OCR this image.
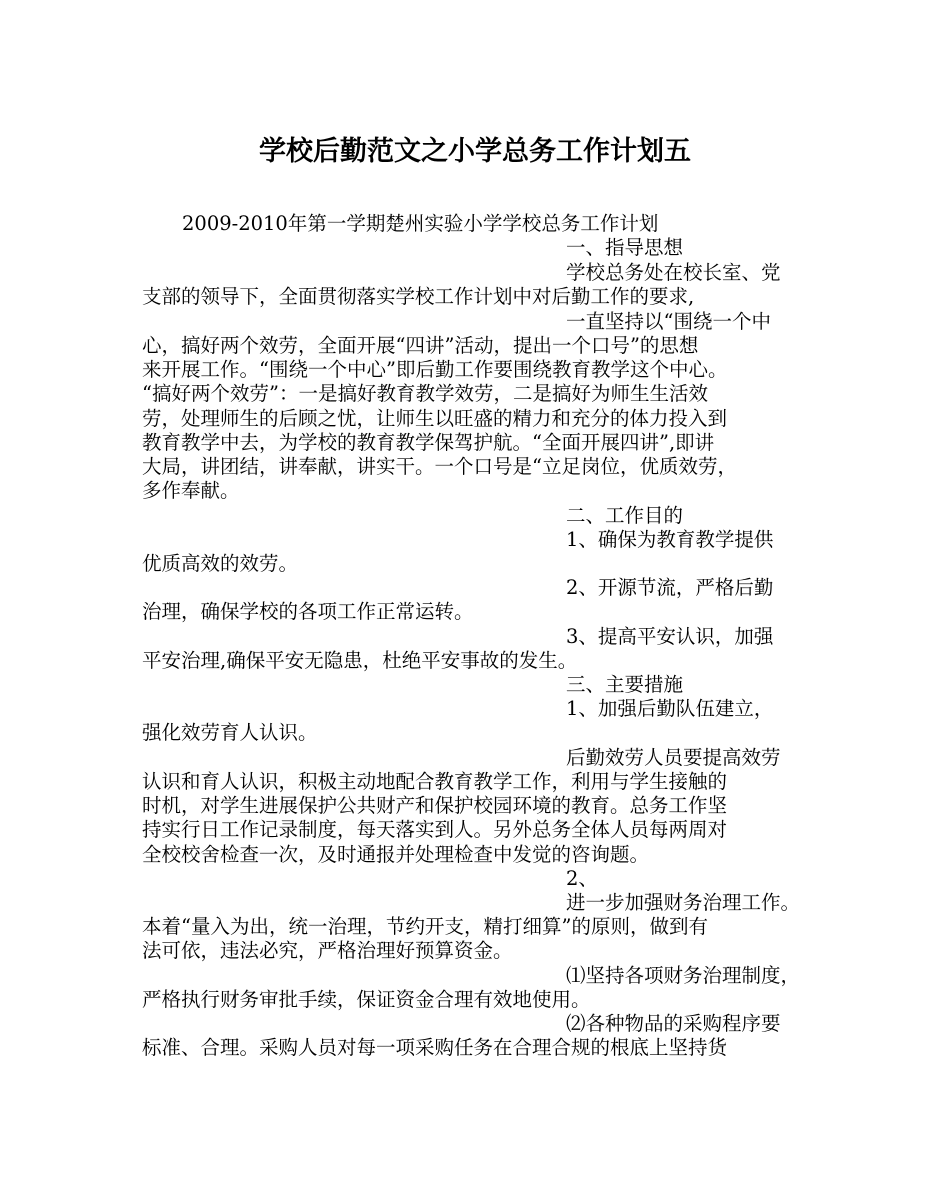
学校后勤范文之小学总务工作计划五
2009-2010年第一学期楚州实验小学学校总务工作计划
一、指导思想
学校总务处在校长室、党
支部的领导下，全面贯彻落实学校工作计划中对后勤工作的要求,
一直坚持以“围绕一个中
心，搞好两个效劳，全面开展“四讲”活动，提出一个口号”的思想
来开展工作。“围绕一个中心”即后勤工作要围绕教育教学这个中心。
“搞好两个效劳”：一是搞好教育教学效劳，二是搞好为师生生活效
劳，处理师生的后顾之忧，让师生以旺盛的精力和充分的体力投入到
教育教学中去，为学校的教育教学保驾护航。“全面开展四讲”,即讲
大局，讲团结，讲奉献，讲实干。一个口号是“立足岗位，优质效劳，
多作奉献。
二、工作目的
1、确保为教育教学提供
优质高效的效劳。
2、开源节流，严格后勤
治理，确保学校的各项工作正常运转。
3、提高平安认识，加强
平安治理,确保平安无隐患，杜绝平安事故的发生。
三、主要措施
1、加强后勤队伍建立，
强化效劳育人认识。
后勤效劳人员要提高效劳
认识和育人认识，积极主动地配合教育教学工作，利用与学生接触的
时机，对学生进展保护公共财产和保护校园环境的教育。总务工作坚
持实行日工作记录制度，每天落实到人。另外总务全体人员每两周对
全校校舍检查一次，及时通报并处理检查中发觉的咨询题。
2、
进一步加强财务治理工作。
本着“量入为出，统一治理，节约开支，精打细算”的原则，做到有
法可依，违法必究，严格治理好预算资金。
⑴坚持各项财务治理制度，
严格执行财务审批手续，保证资金合理有效地使用。
⑵各种物品的采购程序要
标准、合理。采购人员对每一项采购任务在合理合规的根底上坚持货
